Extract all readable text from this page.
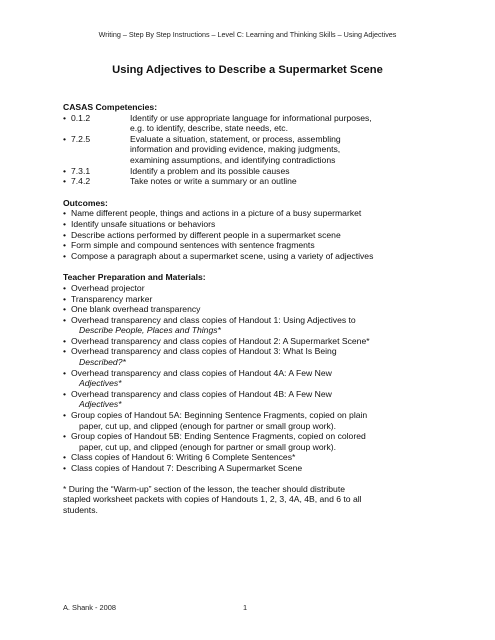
Writing – Step By Step Instructions – Level C: Learning and Thinking Skills – Using Adjectives
Using Adjectives to Describe a Supermarket Scene
CASAS Competencies:
• 0.1.2	Identify or use appropriate language for informational purposes,
e.g. to identify, describe, state needs, etc.
• 7.2.5	Evaluate a situation, statement, or process, assembling
information and providing evidence, making judgments,
examining assumptions, and identifying contradictions
• 7.3.1	Identify a problem and its possible causes
• 7.4.2	Take notes or write a summary or an outline
Outcomes:
• Name different people, things and actions in a picture of a busy supermarket
• Identify unsafe situations or behaviors
• Describe actions performed by different people in a supermarket scene
• Form simple and compound sentences with sentence fragments
• Compose a paragraph about a supermarket scene, using a variety of adjectives
Teacher Preparation and Materials:
• Overhead projector
• Transparency marker
• One blank overhead transparency
• Overhead transparency and class copies of Handout 1: Using Adjectives to
Describe People, Places and Things*
• Overhead transparency and class copies of Handout 2: A Supermarket Scene*
• Overhead transparency and class copies of Handout 3: What Is Being
Described?*
• Overhead transparency and class copies of Handout 4A: A Few New
Adjectives*
• Overhead transparency and class copies of Handout 4B: A Few New
Adjectives*
• Group copies of Handout 5A: Beginning Sentence Fragments, copied on plain
paper, cut up, and clipped (enough for partner or small group work).
• Group copies of Handout 5B: Ending Sentence Fragments, copied on colored
paper, cut up, and clipped (enough for partner or small group work).
• Class copies of Handout 6: Writing 6 Complete Sentences*
• Class copies of Handout 7: Describing A Supermarket Scene
* During the “Warm-up” section of the lesson, the teacher should distribute
stapled worksheet packets with copies of Handouts 1, 2, 3, 4A, 4B, and 6 to all
students.
A. Shank - 2008	1
